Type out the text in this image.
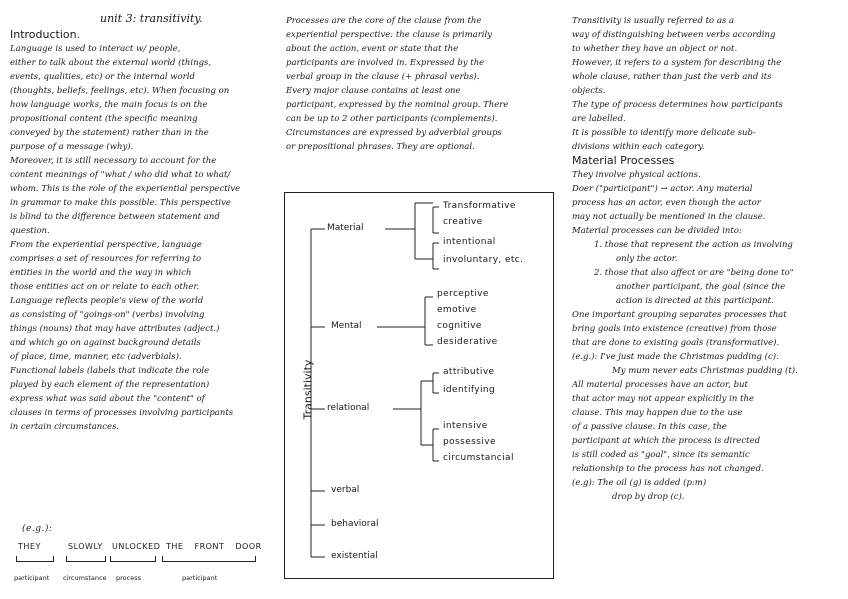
unit 3: transitivity.

Introduction.

Language is used to interact w/ people,

either to talk about the external world (things,

events, qualities, etc) or the internal world

(thoughts, beliefs, feelings, etc). When focusing on

how language works, the main focus is on the

propositional content (the specific meaning

conveyed by the statement) rather than in the

purpose of a message (why).

Moreover, it is still necessary to account for the

content meanings of "what / who did what to what/

whom. This is the role of the experiential perspective

in grammar to make this possible. This perspective

is blind to the difference between statement and

question.

From the experiential perspective, language

comprises a set of resources for referring to

entities in the world and the way in which

those entities act on or relate to each other.

Language reflects people's view of the world

as consisting of "goings-on" (verbs) involving

things (nouns) that may have attributes (adject.)

and which go on against background details

of place, time, manner, etc (adverbials).

Functional labels (labels that indicate the role

played by each element of the representation)

express what was said about the "content" of

clauses in terms of processes involving participants

in certain circumstances.

(e.g.):
THEY	SLOWLY UNLOCKED THE FRONT DOOR
participant circumstance process	participant

Processes are the core of the clause from the

experiential perspective: the clause is primarily

about the action, event or state that the

participants are involved in. Expressed by the

verbal group in the clause (+ phrasal verbs).

Every major clause contains at least one

participant, expressed by the nominal group. There

can be up to 2 other participants (complements).

Circumstances are expressed by adverbial groups

or prepositional phrases. They are optional.

Transitivity
Material
Transformative
creative
intentional
involuntary, etc.
Mental
perceptive
emotive
cognitive
desiderative
relational
attributive
identifying
intensive
possessive
circumstancial
verbal
behavioral
existential

Transitivity is usually referred to as a

way of distinguishing between verbs according

to whether they have an object or not.

However, it refers to a system for describing the

whole clause, rather than just the verb and its

objects.

The type of process determines how participants

are labelled.

It is possible to identify more delicate sub-

divisions within each category.

Material Processes

They involve physical actions.

Doer ("participant") → actor. Any material

process has an actor, even though the actor

may not actually be mentioned in the clause.

Material processes can be divided into:

1. those that represent the action as involving

only the actor.

2. those that also affect or are "being done to"

another participant, the goal (since the

action is directed at this participant.

One important grouping separates processes that

bring goals into existence (creative) from those

that are done to existing goals (transformative).

(e.g.): I've just made the Christmas pudding (c).

My mum never eats Christmas pudding (t).

All material processes have an actor, but

that actor may not appear explicitly in the

clause. This may happen due to the use

of a passive clause. In this case, the

participant at which the process is directed

is still coded as "goal", since its semantic

relationship to the process has not changed.

(e.g): The oil (g) is added (p:m)

drop by drop (c).
